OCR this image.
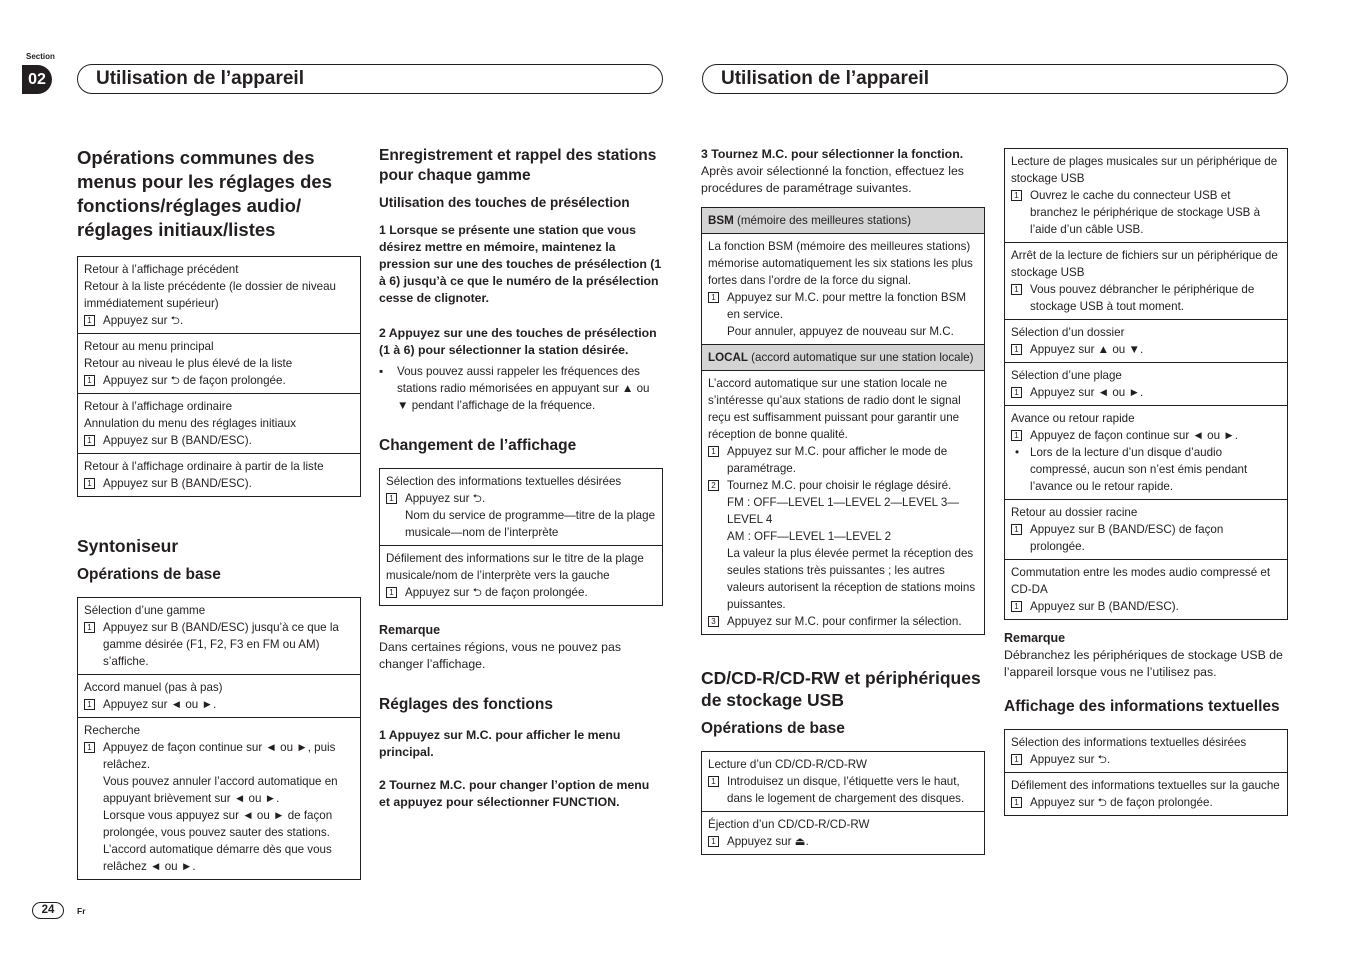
Section
02	Utilisation de l’appareil	Utilisation de l’appareil
Opérations communes des menus pour les réglages des fonctions/réglages audio/ réglages initiaux/listes
Retour à l’affichage précédent
Retour à la liste précédente (le dossier de niveau immédiatement supérieur)
1 Appuyez sur ⮌.
Retour au menu principal
Retour au niveau le plus élevé de la liste
1 Appuyez sur ⮌ de façon prolongée.
Retour à l’affichage ordinaire
Annulation du menu des réglages initiaux
1 Appuyez sur B (BAND/ESC).
Retour à l’affichage ordinaire à partir de la liste
1 Appuyez sur B (BAND/ESC).
Syntoniseur
Opérations de base
Sélection d’une gamme
1 Appuyez sur B (BAND/ESC) jusqu’à ce que la gamme désirée (F1, F2, F3 en FM ou AM) s’affiche.
Accord manuel (pas à pas)
1 Appuyez sur ◄ ou ►.
Recherche
1 Appuyez de façon continue sur ◄ ou ►, puis relâchez.
Vous pouvez annuler l’accord automatique en appuyant brièvement sur ◄ ou ►.
Lorsque vous appuyez sur ◄ ou ► de façon prolongée, vous pouvez sauter des stations.
L’accord automatique démarre dès que vous relâchez ◄ ou ►.
Enregistrement et rappel des stations pour chaque gamme
Utilisation des touches de présélection
1 Lorsque se présente une station que vous désirez mettre en mémoire, maintenez la pression sur une des touches de présélection (1 à 6) jusqu’à ce que le numéro de la présélection cesse de clignoter.
2 Appuyez sur une des touches de présélection (1 à 6) pour sélectionner la station désirée.
▪	Vous pouvez aussi rappeler les fréquences des stations radio mémorisées en appuyant sur ▲ ou ▼ pendant l’affichage de la fréquence.
Changement de l’affichage
Sélection des informations textuelles désirées
1 Appuyez sur ⮌.
Nom du service de programme—titre de la plage musicale—nom de l’interprète
Défilement des informations sur le titre de la plage musicale/nom de l’interprète vers la gauche
1 Appuyez sur ⮌ de façon prolongée.
Remarque
Dans certaines régions, vous ne pouvez pas changer l’affichage.
Réglages des fonctions
1 Appuyez sur M.C. pour afficher le menu principal.
2 Tournez M.C. pour changer l’option de menu et appuyez pour sélectionner FUNCTION.
3 Tournez M.C. pour sélectionner la fonction.
Après avoir sélectionné la fonction, effectuez les procédures de paramétrage suivantes.
BSM (mémoire des meilleures stations)
La fonction BSM (mémoire des meilleures stations) mémorise automatiquement les six stations les plus fortes dans l’ordre de la force du signal.
1 Appuyez sur M.C. pour mettre la fonction BSM en service.
Pour annuler, appuyez de nouveau sur M.C.
LOCAL (accord automatique sur une station locale)
L’accord automatique sur une station locale ne s’intéresse qu’aux stations de radio dont le signal reçu est suffisamment puissant pour garantir une réception de bonne qualité.
1 Appuyez sur M.C. pour afficher le mode de paramétrage.
2 Tournez M.C. pour choisir le réglage désiré.
FM : OFF—LEVEL 1—LEVEL 2—LEVEL 3—LEVEL 4
AM : OFF—LEVEL 1—LEVEL 2
La valeur la plus élevée permet la réception des seules stations très puissantes ; les autres valeurs autorisent la réception de stations moins puissantes.
3 Appuyez sur M.C. pour confirmer la sélection.
CD/CD-R/CD-RW et périphériques de stockage USB
Opérations de base
Lecture d’un CD/CD-R/CD-RW
1 Introduisez un disque, l’étiquette vers le haut, dans le logement de chargement des disques.
Éjection d’un CD/CD-R/CD-RW
1 Appuyez sur ⏏.
Lecture de plages musicales sur un périphérique de stockage USB
1 Ouvrez le cache du connecteur USB et branchez le périphérique de stockage USB à l’aide d’un câble USB.
Arrêt de la lecture de fichiers sur un périphérique de stockage USB
1 Vous pouvez débrancher le périphérique de stockage USB à tout moment.
Sélection d’un dossier
1 Appuyez sur ▲ ou ▼.
Sélection d’une plage
1 Appuyez sur ◄ ou ►.
Avance ou retour rapide
1 Appuyez de façon continue sur ◄ ou ►.
• Lors de la lecture d’un disque d’audio compressé, aucun son n’est émis pendant l’avance ou le retour rapide.
Retour au dossier racine
1 Appuyez sur B (BAND/ESC) de façon prolongée.
Commutation entre les modes audio compressé et CD-DA
1 Appuyez sur B (BAND/ESC).
Remarque
Débranchez les périphériques de stockage USB de l’appareil lorsque vous ne l’utilisez pas.
Affichage des informations textuelles
Sélection des informations textuelles désirées
1 Appuyez sur ⮌.
Défilement des informations textuelles sur la gauche
1 Appuyez sur ⮌ de façon prolongée.
24	Fr
